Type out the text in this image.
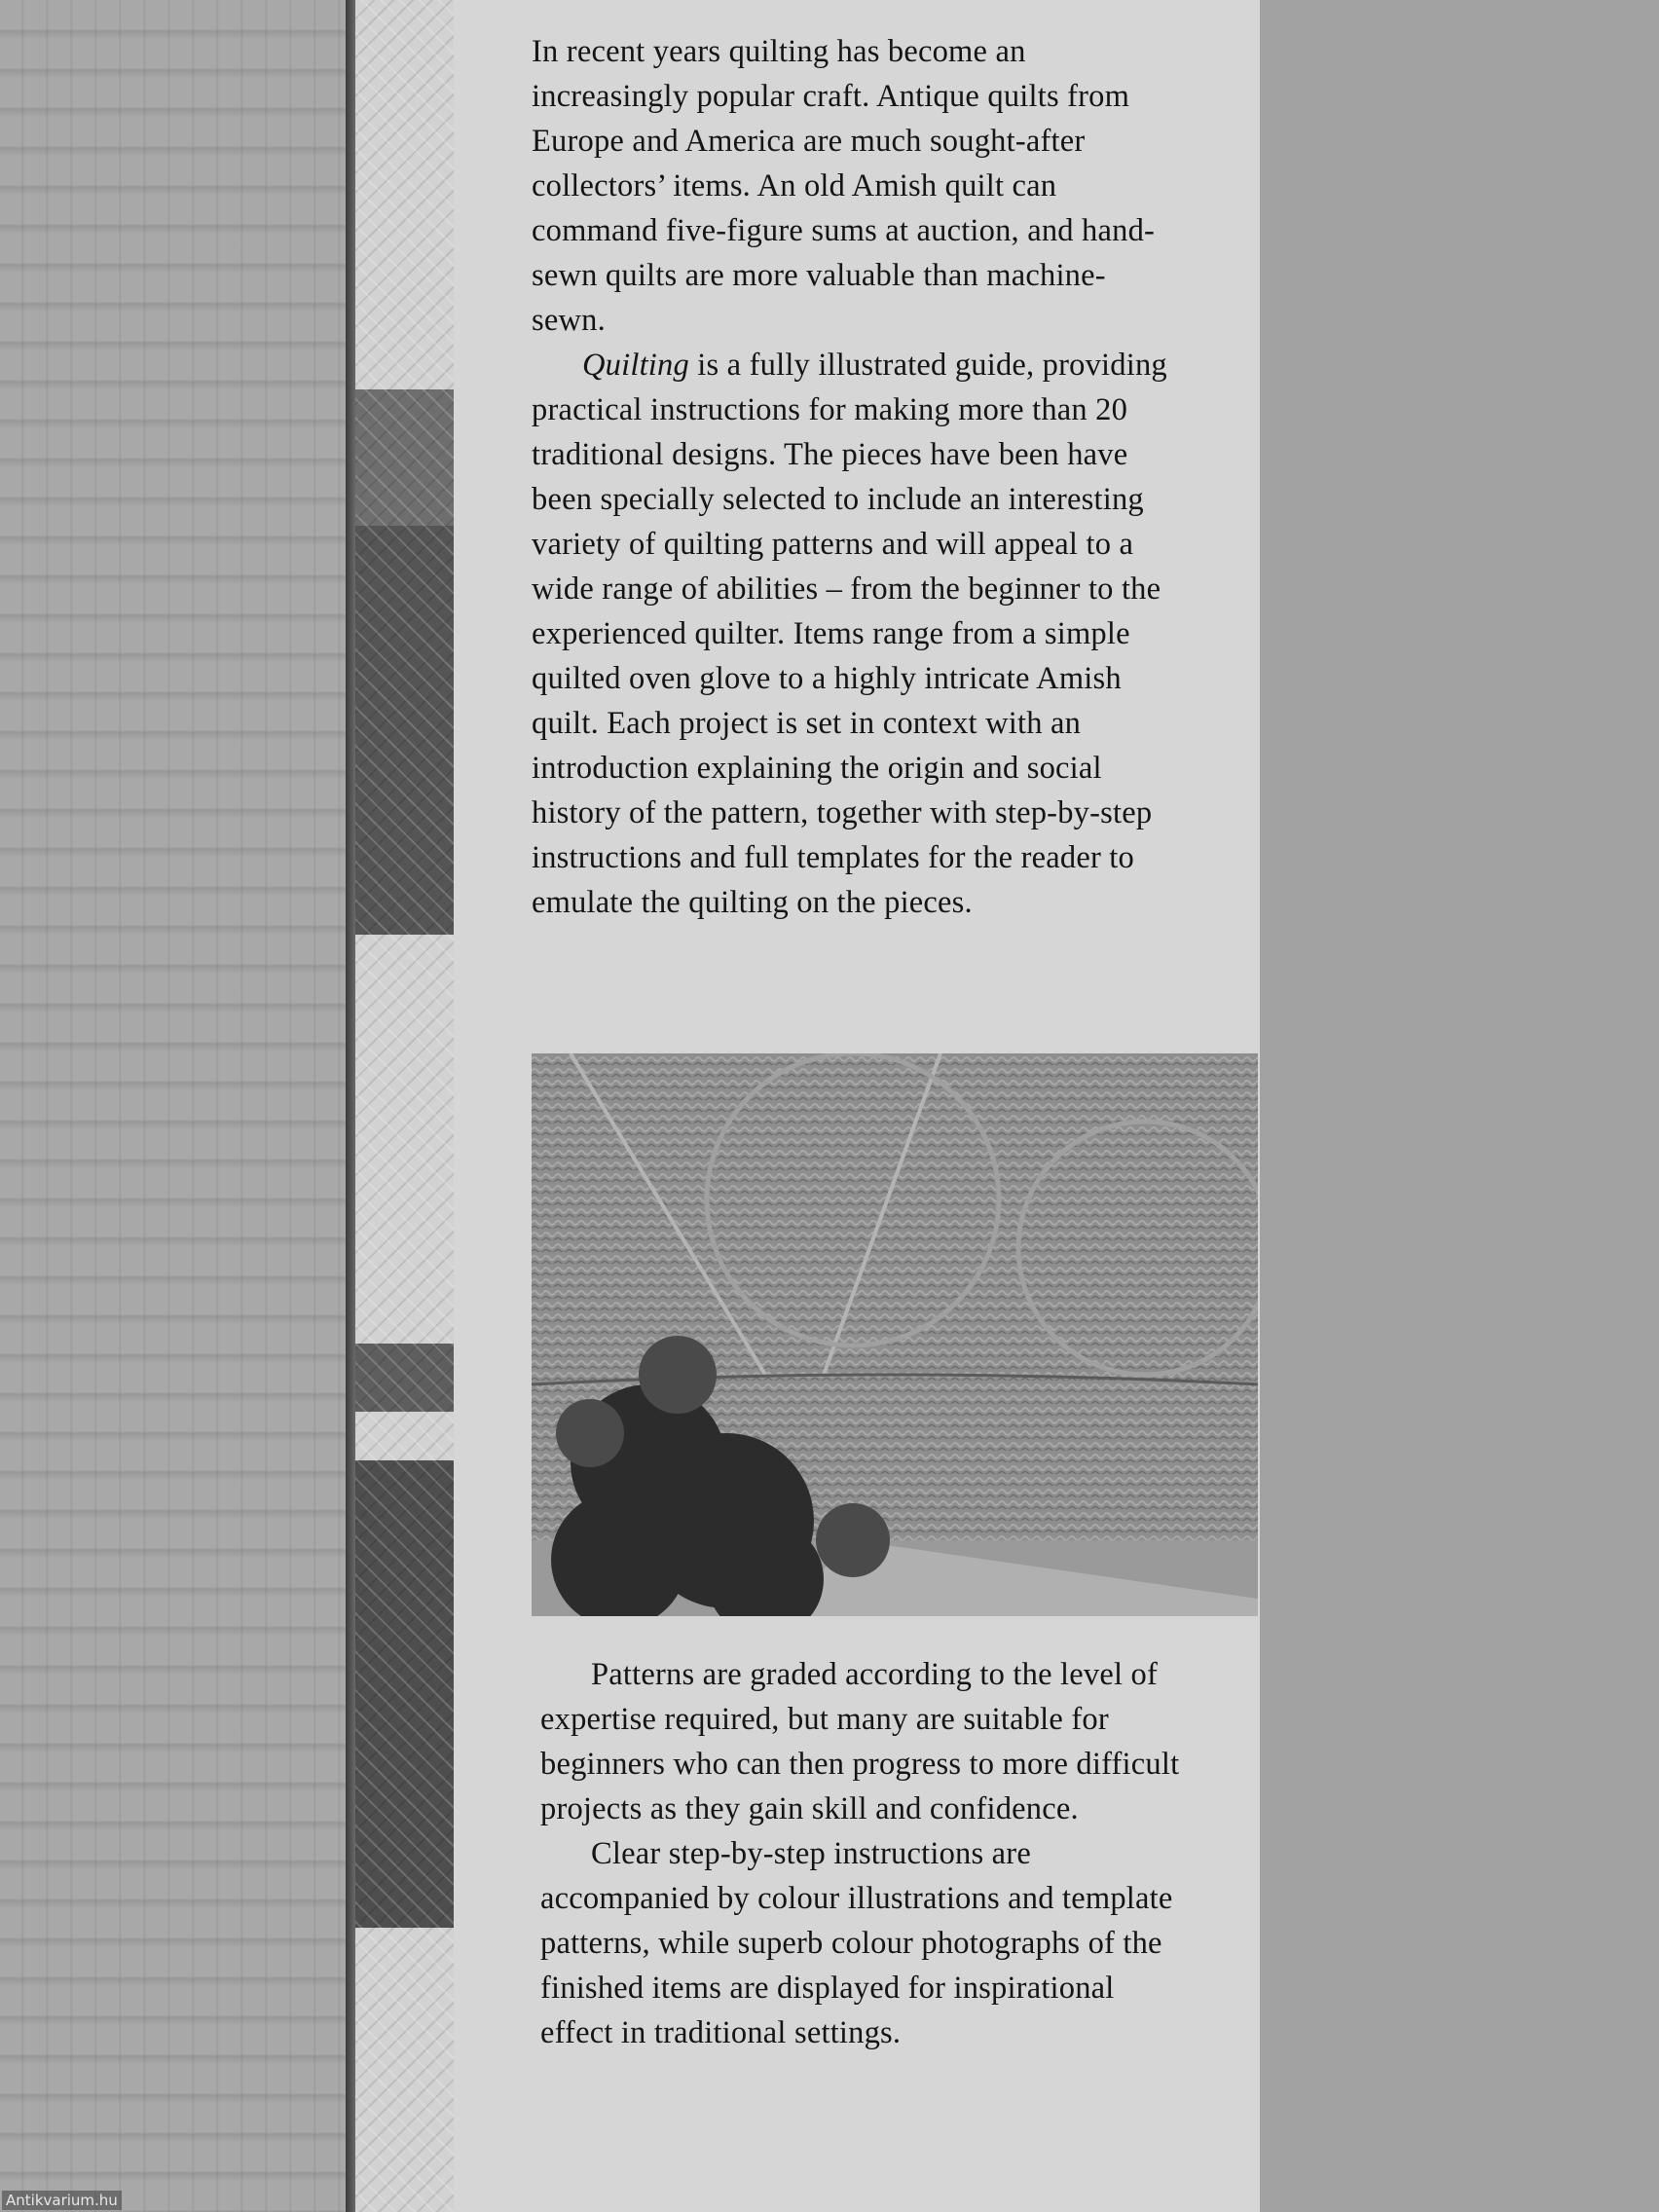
In recent years quilting has become an increasingly popular craft. Antique quilts from Europe and America are much sought-after collectors’ items. An old Amish quilt can command five-figure sums at auction, and hand-sewn quilts are more valuable than machine-sewn.

Quilting is a fully illustrated guide, providing practical instructions for making more than 20 traditional designs. The pieces have been have been specially selected to include an interesting variety of quilting patterns and will appeal to a wide range of abilities – from the beginner to the experienced quilter. Items range from a simple quilted oven glove to a highly intricate Amish quilt. Each project is set in context with an introduction explaining the origin and social history of the pattern, together with step-by-step instructions and full templates for the reader to emulate the quilting on the pieces.

Patterns are graded according to the level of expertise required, but many are suitable for beginners who can then progress to more difficult projects as they gain skill and confidence.

Clear step-by-step instructions are accompanied by colour illustrations and template patterns, while superb colour photographs of the finished items are displayed for inspirational effect in traditional settings.

Antikvarium.hu
